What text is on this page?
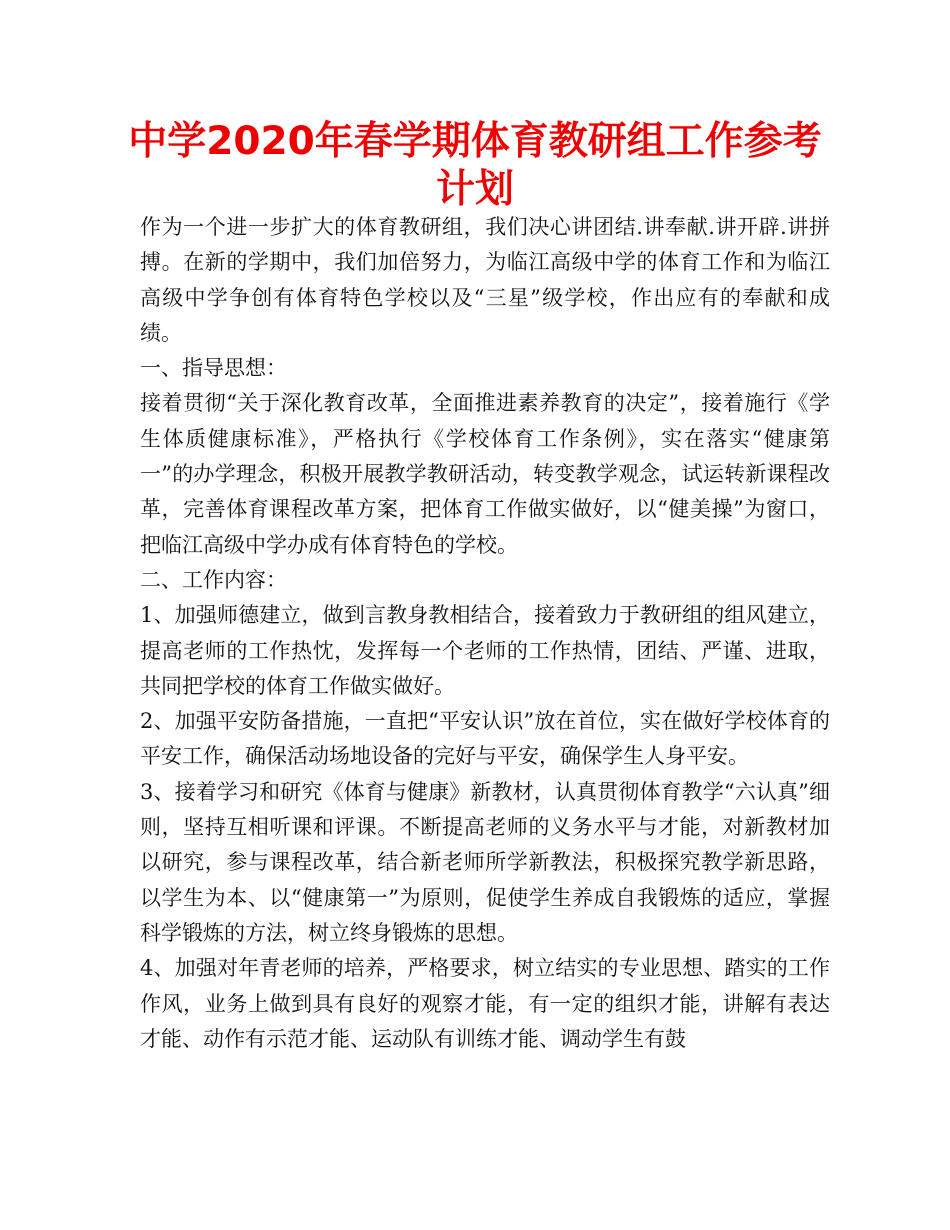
中学2020年春学期体育教研组工作参考计划

作为一个进一步扩大的体育教研组，我们决心讲团结.讲奉献.讲开辟.讲拼搏。在新的学期中，我们加倍努力，为临江高级中学的体育工作和为临江高级中学争创有体育特色学校以及“三星”级学校，作出应有的奉献和成绩。

一、指导思想：

接着贯彻“关于深化教育改革，全面推进素养教育的决定”，接着施行《学生体质健康标准》，严格执行《学校体育工作条例》，实在落实“健康第一”的办学理念，积极开展教学教研活动，转变教学观念，试运转新课程改革，完善体育课程改革方案，把体育工作做实做好，以“健美操”为窗口，把临江高级中学办成有体育特色的学校。

二、工作内容：

1、加强师德建立，做到言教身教相结合，接着致力于教研组的组风建立，提高老师的工作热忱，发挥每一个老师的工作热情，团结、严谨、进取，共同把学校的体育工作做实做好。

2、加强平安防备措施，一直把“平安认识”放在首位，实在做好学校体育的平安工作，确保活动场地设备的完好与平安，确保学生人身平安。

3、接着学习和研究《体育与健康》新教材，认真贯彻体育教学“六认真”细则，坚持互相听课和评课。不断提高老师的义务水平与才能，对新教材加以研究，参与课程改革，结合新老师所学新教法，积极探究教学新思路，以学生为本、以“健康第一”为原则，促使学生养成自我锻炼的适应，掌握科学锻炼的方法，树立终身锻炼的思想。

4、加强对年青老师的培养，严格要求，树立结实的专业思想、踏实的工作作风，业务上做到具有良好的观察才能，有一定的组织才能，讲解有表达才能、动作有示范才能、运动队有训练才能、调动学生有鼓
